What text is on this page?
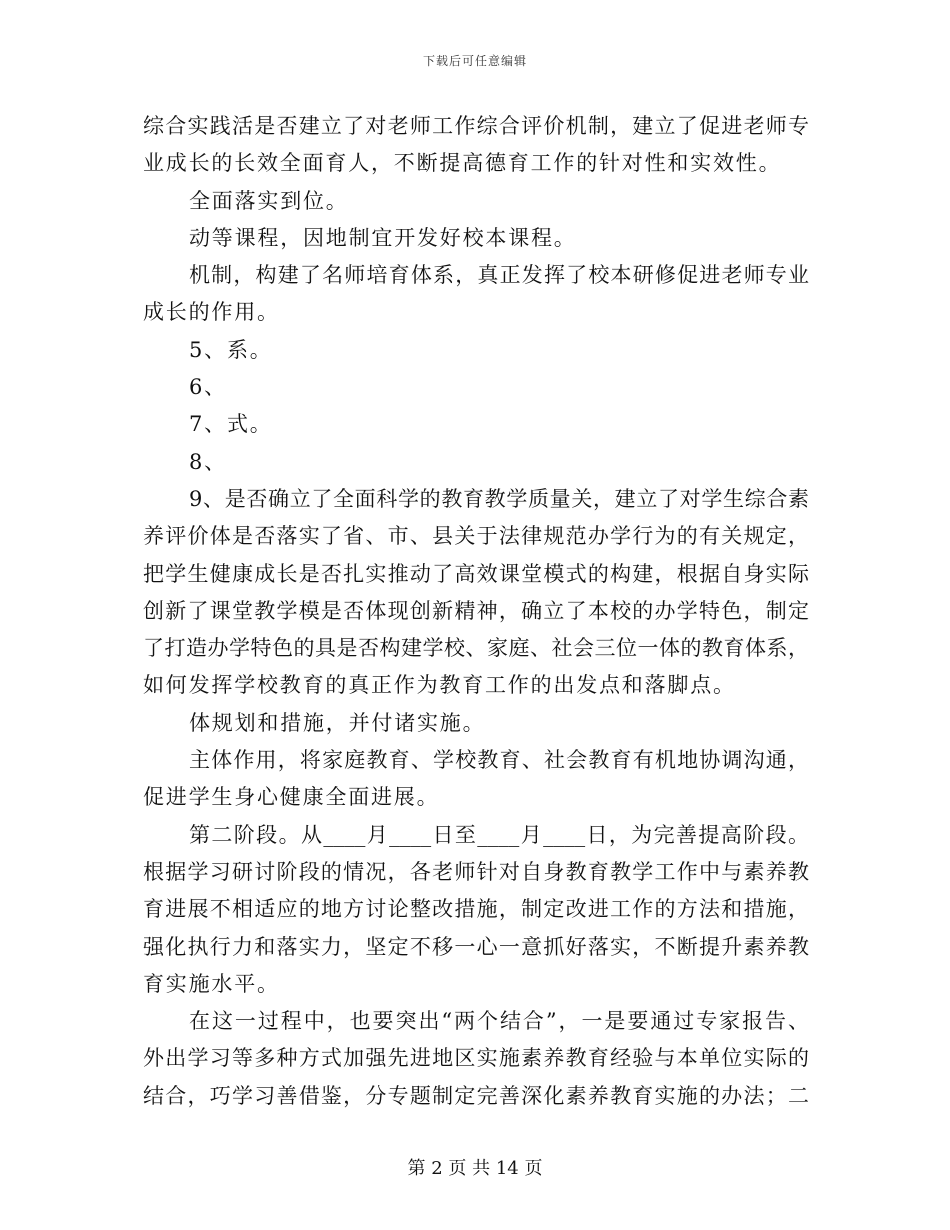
下载后可任意编辑
综合实践活是否建立了对老师工作综合评价机制，建立了促进老师专
业成长的长效全面育人，不断提高德育工作的针对性和实效性。
全面落实到位。
动等课程，因地制宜开发好校本课程。
机制，构建了名师培育体系，真正发挥了校本研修促进老师专业
成长的作用。
5、系。
6、
7、式。
8、
9、是否确立了全面科学的教育教学质量关，建立了对学生综合素
养评价体是否落实了省、市、县关于法律规范办学行为的有关规定，
把学生健康成长是否扎实推动了高效课堂模式的构建，根据自身实际
创新了课堂教学模是否体现创新精神，确立了本校的办学特色，制定
了打造办学特色的具是否构建学校、家庭、社会三位一体的教育体系，
如何发挥学校教育的真正作为教育工作的出发点和落脚点。
体规划和措施，并付诸实施。
主体作用，将家庭教育、学校教育、社会教育有机地协调沟通，
促进学生身心健康全面进展。
第二阶段。从____月____日至____月____日，为完善提高阶段。
根据学习研讨阶段的情况，各老师针对自身教育教学工作中与素养教
育进展不相适应的地方讨论整改措施，制定改进工作的方法和措施，
强化执行力和落实力，坚定不移一心一意抓好落实，不断提升素养教
育实施水平。
在这一过程中，也要突出“两个结合”，一是要通过专家报告、
外出学习等多种方式加强先进地区实施素养教育经验与本单位实际的
结合，巧学习善借鉴，分专题制定完善深化素养教育实施的办法；二
第 2 页 共 14 页
